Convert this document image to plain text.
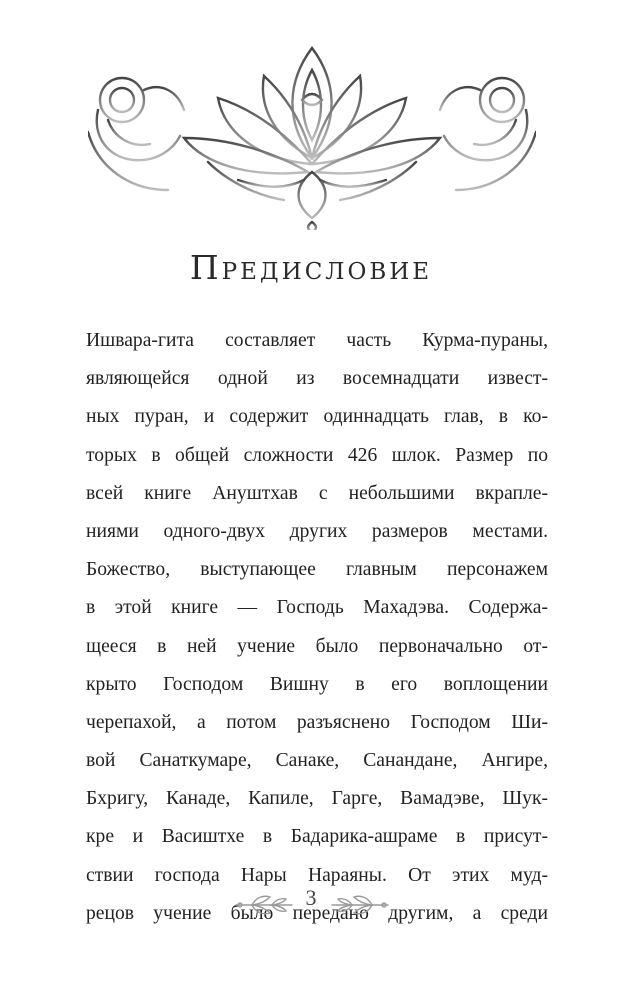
Предисловие
Ишвара-гита составляет часть Курма-пураны,
являющейся одной из восемнадцати извест-
ных пуран, и содержит одиннадцать глав, в ко-
торых в общей сложности 426 шлок. Размер по
всей книге Ануштхав с небольшими вкрапле-
ниями одного-двух других размеров местами.
Божество, выступающее главным персонажем
в этой книге — Господь Махадэва. Содержа-
щееся в ней учение было первоначально от-
крыто Господом Вишну в его воплощении
черепахой, а потом разъяснено Господом Ши-
вой Санаткумаре, Санаке, Санандане, Ангире,
Бхригу, Канаде, Капиле, Гарге, Вамадэве, Шук-
кре и Васиштхе в Бадарика-ашраме в присут-
ствии господа Нары Нараяны. От этих муд-
рецов учение было передано другим, а среди
3
